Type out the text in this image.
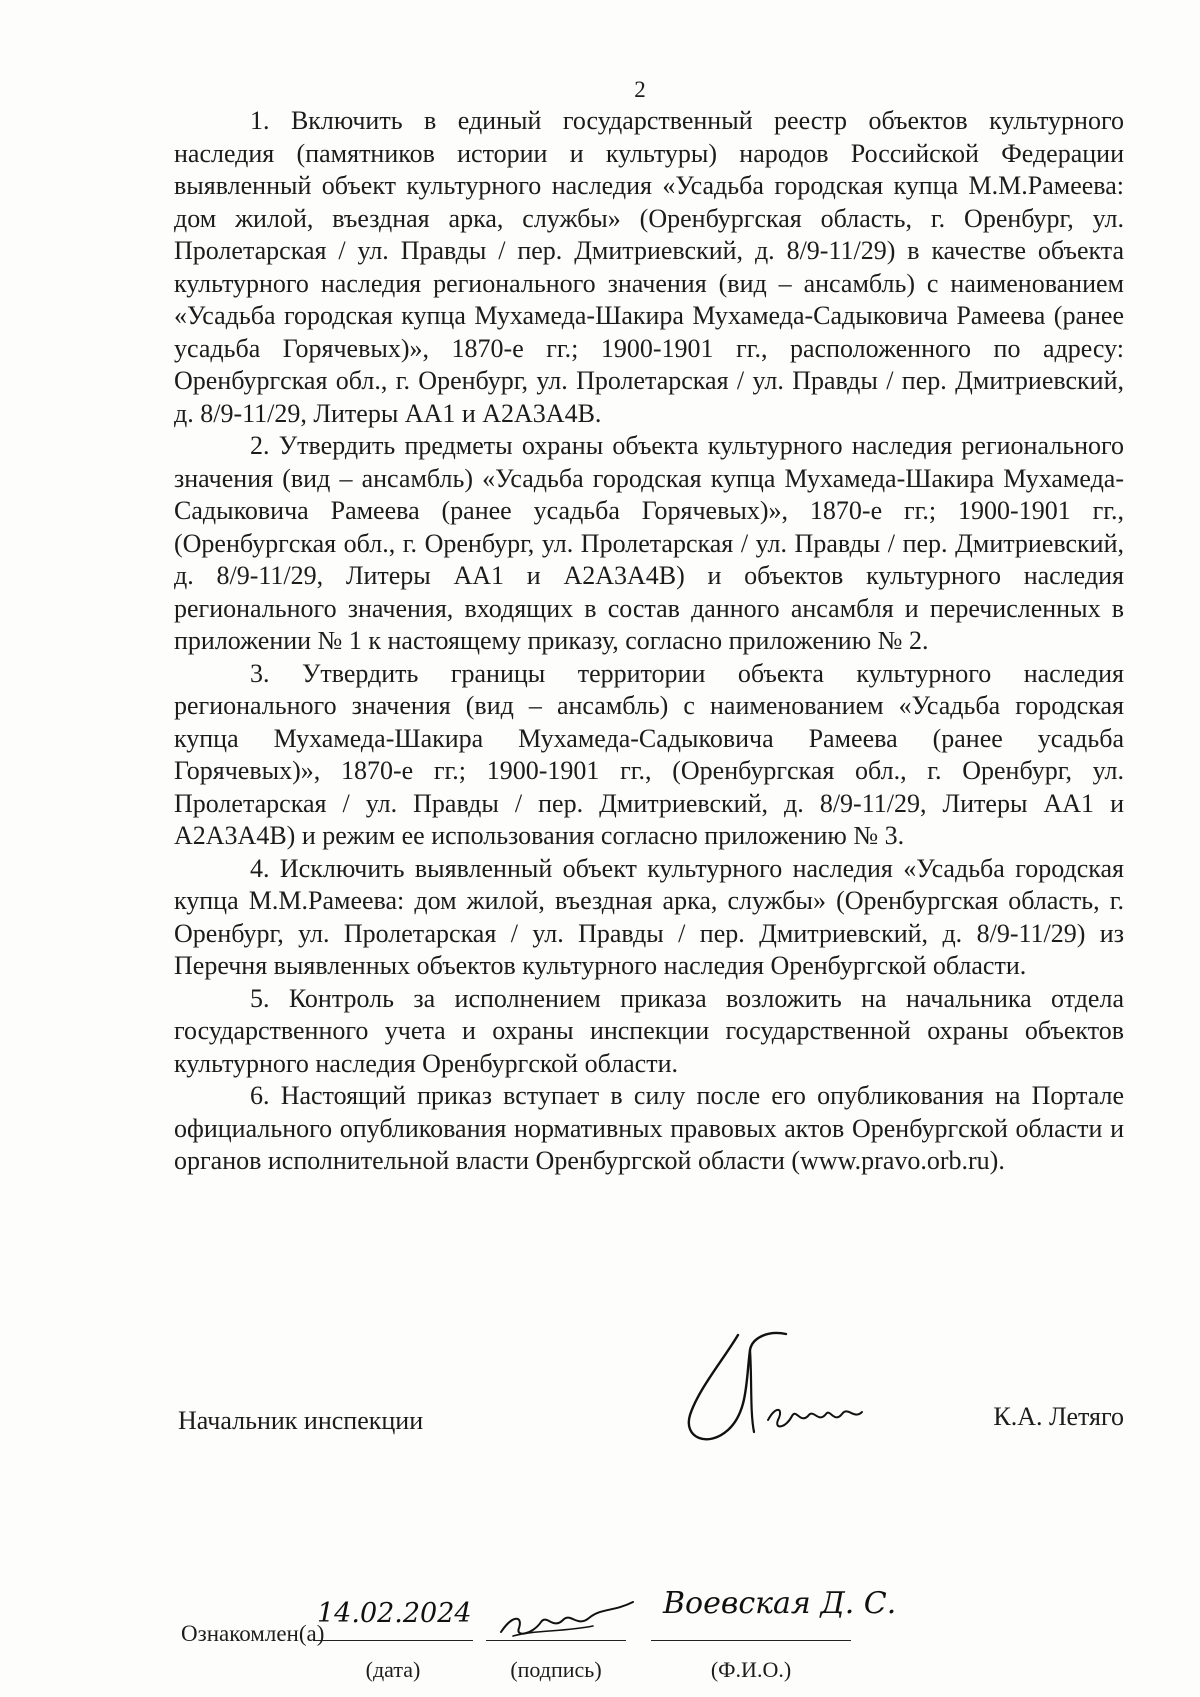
2

1. Включить в единый государственный реестр объектов культурного наследия (памятников истории и культуры) народов Российской Федерации выявленный объект культурного наследия «Усадьба городская купца М.М.Рамеева: дом жилой, въездная арка, службы» (Оренбургская область, г. Оренбург, ул. Пролетарская / ул. Правды / пер. Дмитриевский, д. 8/9-11/29) в качестве объекта культурного наследия регионального значения (вид – ансамбль) с наименованием «Усадьба городская купца Мухамеда-Шакира Мухамеда-Садыковича Рамеева (ранее усадьба Горячевых)», 1870-е гг.; 1900-1901 гг., расположенного по адресу: Оренбургская обл., г. Оренбург, ул. Пролетарская / ул. Правды / пер. Дмитриевский, д. 8/9-11/29, Литеры АА1 и А2А3А4В.

2. Утвердить предметы охраны объекта культурного наследия регионального значения (вид – ансамбль) «Усадьба городская купца Мухамеда-Шакира Мухамеда-Садыковича Рамеева (ранее усадьба Горячевых)», 1870-е гг.; 1900-1901 гг., (Оренбургская обл., г. Оренбург, ул. Пролетарская / ул. Правды / пер. Дмитриевский, д. 8/9-11/29, Литеры АА1 и А2А3А4В) и объектов культурного наследия регионального значения, входящих в состав данного ансамбля и перечисленных в приложении № 1 к настоящему приказу, согласно приложению № 2.

3. Утвердить границы территории объекта культурного наследия регионального значения (вид – ансамбль) с наименованием «Усадьба городская купца Мухамеда-Шакира Мухамеда-Садыковича Рамеева (ранее усадьба Горячевых)», 1870-е гг.; 1900-1901 гг., (Оренбургская обл., г. Оренбург, ул. Пролетарская / ул. Правды / пер. Дмитриевский, д. 8/9-11/29, Литеры АА1 и А2А3А4В) и режим ее использования согласно приложению № 3.

4. Исключить выявленный объект культурного наследия «Усадьба городская купца М.М.Рамеева: дом жилой, въездная арка, службы» (Оренбургская область, г. Оренбург, ул. Пролетарская / ул. Правды / пер. Дмитриевский, д. 8/9-11/29) из Перечня выявленных объектов культурного наследия Оренбургской области.

5. Контроль за исполнением приказа возложить на начальника отдела государственного учета и охраны инспекции государственной охраны объектов культурного наследия Оренбургской области.

6. Настоящий приказ вступает в силу после его опубликования на Портале официального опубликования нормативных правовых актов Оренбургской области и органов исполнительной власти Оренбургской области (www.pravo.orb.ru).

Начальник инспекции	К.А. Летяго
Ознакомлен(а)
14.02.2024
(дата)	(подпись)
Воевская Д. С.
(Ф.И.О.)
